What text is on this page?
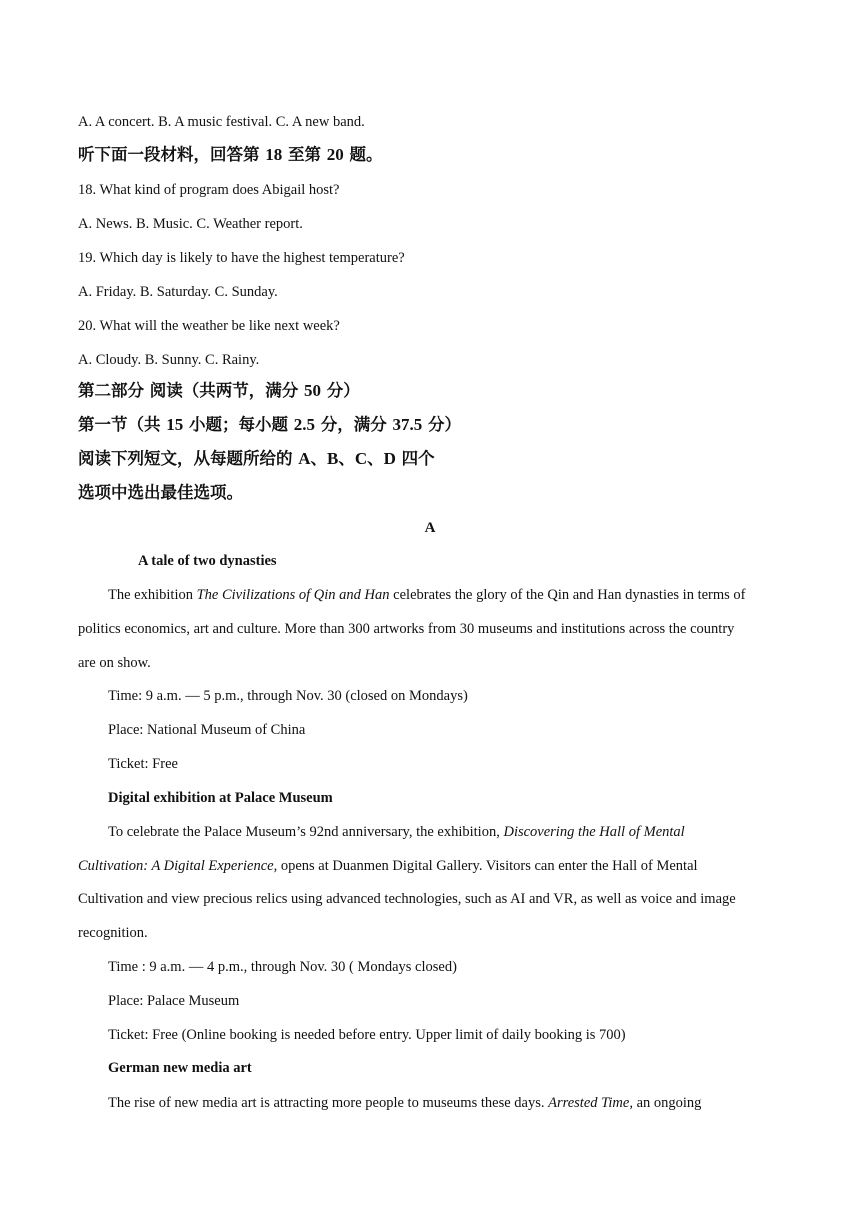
A. A concert. B. A music festival. C. A new band.
听下面一段材料，回答第 18 至第 20 题。
18. What kind of program does Abigail host?
A. News. B. Music. C. Weather report.
19. Which day is likely to have the highest temperature?
A. Friday. B. Saturday. C. Sunday.
20. What will the weather be like next week?
A. Cloudy. B. Sunny. C. Rainy.
第二部分 阅读（共两节，满分 50 分）
第一节（共 15 小题；每小题 2.5 分，满分 37.5 分）
阅读下列短文，从每题所给的 A、B、C、D 四个
选项中选出最佳选项。
A
A tale of two dynasties
The exhibition The Civilizations of Qin and Han celebrates the glory of the Qin and Han dynasties in terms of
politics economics, art and culture. More than 300 artworks from 30 museums and institutions across the country
are on show.
Time: 9 a.m. — 5 p.m., through Nov. 30 (closed on Mondays)
Place: National Museum of China
Ticket: Free
Digital exhibition at Palace Museum
To celebrate the Palace Museum’s 92nd anniversary, the exhibition, Discovering the Hall of Mental
Cultivation: A Digital Experience, opens at Duanmen Digital Gallery. Visitors can enter the Hall of Mental
Cultivation and view precious relics using advanced technologies, such as AI and VR, as well as voice and image
recognition.
Time : 9 a.m. — 4 p.m., through Nov. 30 ( Mondays closed)
Place: Palace Museum
Ticket: Free (Online booking is needed before entry. Upper limit of daily booking is 700)
German new media art
The rise of new media art is attracting more people to museums these days. Arrested Time, an ongoing
